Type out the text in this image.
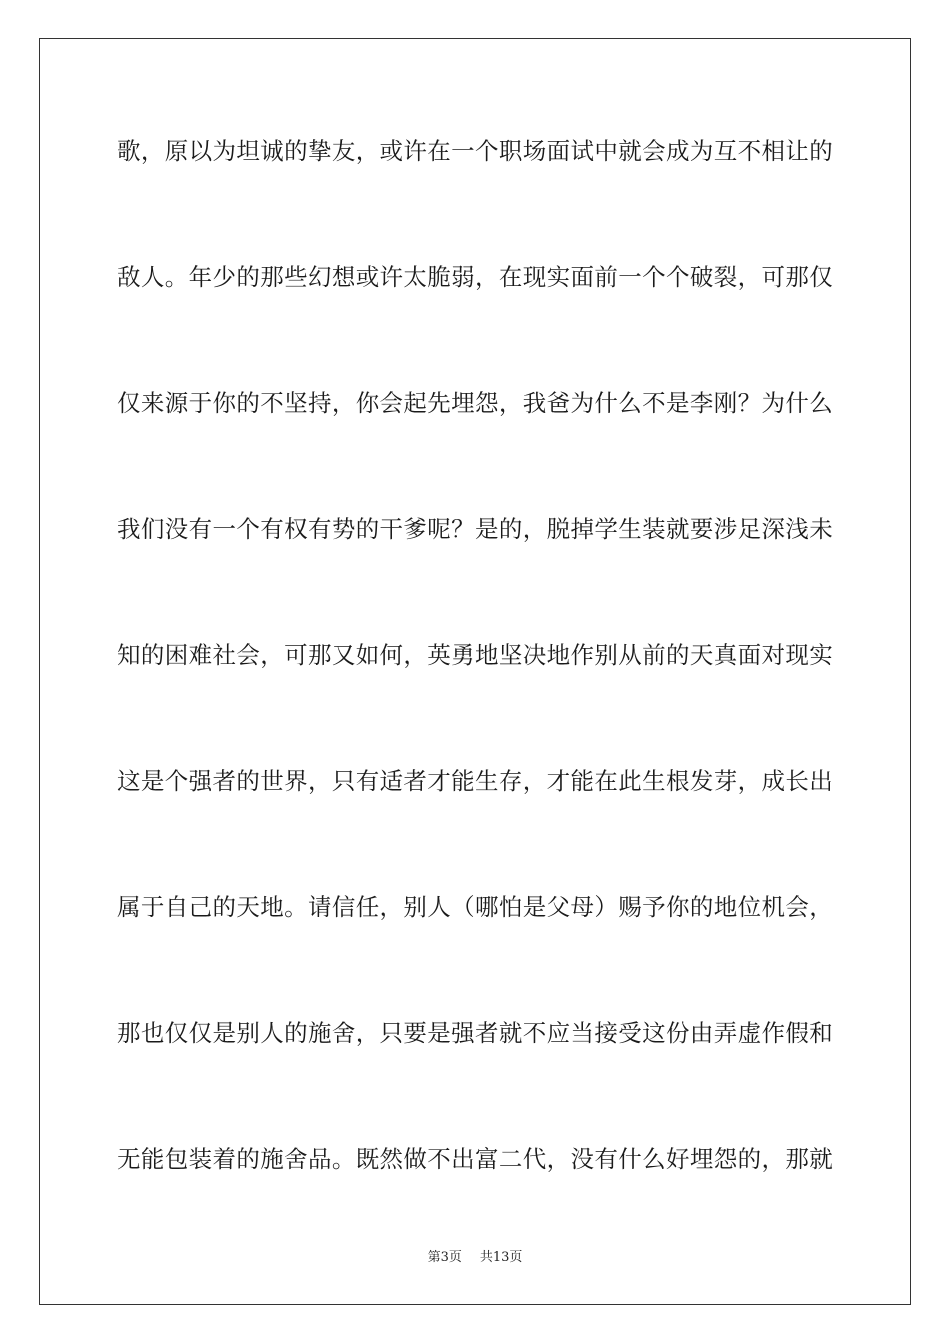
歌，原以为坦诚的挚友，或许在一个职场面试中就会成为互不相让的
敌人。年少的那些幻想或许太脆弱，在现实面前一个个破裂，可那仅
仅来源于你的不坚持，你会起先埋怨，我爸为什么不是李刚？为什么
我们没有一个有权有势的干爹呢？是的，脱掉学生装就要涉足深浅未
知的困难社会，可那又如何，英勇地坚决地作别从前的天真面对现实
这是个强者的世界，只有适者才能生存，才能在此生根发芽，成长出
属于自己的天地。请信任，别人（哪怕是父母）赐予你的地位机会，
那也仅仅是别人的施舍，只要是强者就不应当接受这份由弄虚作假和
无能包装着的施舍品。既然做不出富二代，没有什么好埋怨的，那就
第3页 共13页
